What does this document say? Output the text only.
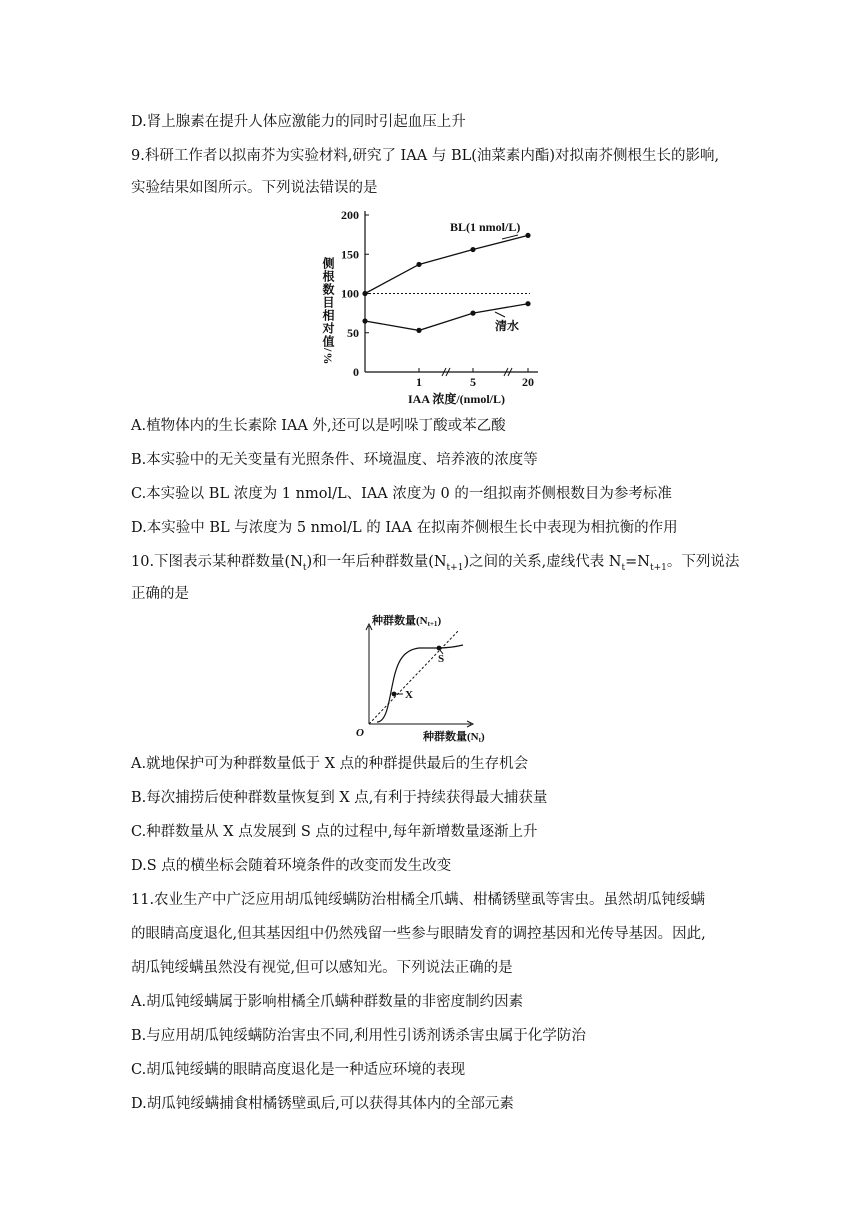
D.肾上腺素在提升人体应激能力的同时引起血压上升
9.科研工作者以拟南芥为实验材料,研究了 IAA 与 BL(油菜素内酯)对拟南芥侧根生长的影响,
实验结果如图所示。下列说法错误的是
0
50
100
150
200
1	5	20
BL(1 nmol/L)
清水
侧根数目相对值/%
IAA 浓度/(nmol/L)
A.植物体内的生长素除 IAA 外,还可以是吲哚丁酸或苯乙酸
B.本实验中的无关变量有光照条件、环境温度、培养液的浓度等
C.本实验以 BL 浓度为 1 nmol/L、IAA 浓度为 0 的一组拟南芥侧根数目为参考标准
D.本实验中 BL 与浓度为 5 nmol/L 的 IAA 在拟南芥侧根生长中表现为相抗衡的作用
10.下图表示某种群数量$(N_t)$和一年后种群数量$(N_{t+1})$之间的关系,虚线代表 $N_t=N_{t+1}$。下列说法
正确的是
种群数量(Nt+1)
种群数量(Nt)
O
X
S
A.就地保护可为种群数量低于 X 点的种群提供最后的生存机会
B.每次捕捞后使种群数量恢复到 X 点,有利于持续获得最大捕获量
C.种群数量从 X 点发展到 S 点的过程中,每年新增数量逐渐上升
D.S 点的横坐标会随着环境条件的改变而发生改变
11.农业生产中广泛应用胡瓜钝绥螨防治柑橘全爪螨、柑橘锈壁虱等害虫。虽然胡瓜钝绥螨
的眼睛高度退化,但其基因组中仍然残留一些参与眼睛发育的调控基因和光传导基因。因此,
胡瓜钝绥螨虽然没有视觉,但可以感知光。下列说法正确的是
A.胡瓜钝绥螨属于影响柑橘全爪螨种群数量的非密度制约因素
B.与应用胡瓜钝绥螨防治害虫不同,利用性引诱剂诱杀害虫属于化学防治
C.胡瓜钝绥螨的眼睛高度退化是一种适应环境的表现
D.胡瓜钝绥螨捕食柑橘锈壁虱后,可以获得其体内的全部元素
